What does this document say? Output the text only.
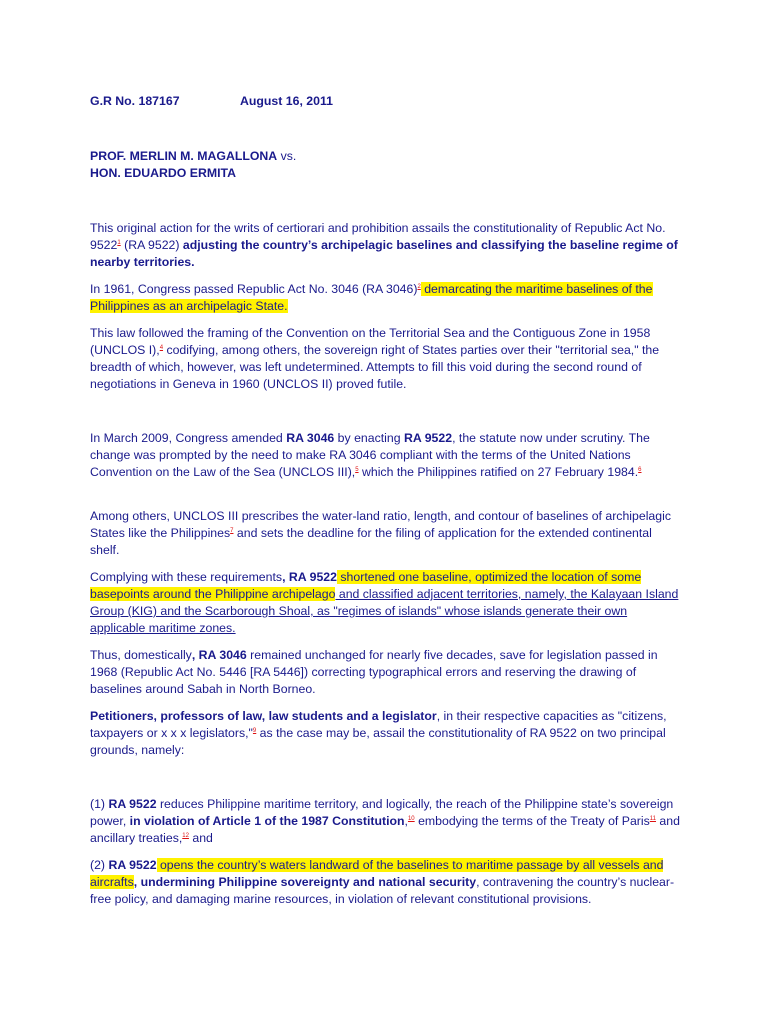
G.R No. 187167	August 16, 2011
PROF. MERLIN M. MAGALLONA vs.
HON. EDUARDO ERMITA

This original action for the writs of certiorari and prohibition assails the constitutionality of Republic Act No. 9522$^1$ (RA 9522) adjusting the country’s archipelagic baselines and classifying the baseline regime of nearby territories.

In 1961, Congress passed Republic Act No. 3046 (RA 3046)$^2$ demarcating the maritime baselines of the Philippines as an archipelagic State.

This law followed the framing of the Convention on the Territorial Sea and the Contiguous Zone in 1958 (UNCLOS I),$^4$ codifying, among others, the sovereign right of States parties over their "territorial sea," the breadth of which, however, was left undetermined. Attempts to fill this void during the second round of negotiations in Geneva in 1960 (UNCLOS II) proved futile.

In March 2009, Congress amended RA 3046 by enacting RA 9522, the statute now under scrutiny. The change was prompted by the need to make RA 3046 compliant with the terms of the United Nations Convention on the Law of the Sea (UNCLOS III),$^5$ which the Philippines ratified on 27 February 1984.$^6$

Among others, UNCLOS III prescribes the water-land ratio, length, and contour of baselines of archipelagic States like the Philippines$^7$ and sets the deadline for the filing of application for the extended continental shelf.

Complying with these requirements, RA 9522 shortened one baseline, optimized the location of some basepoints around the Philippine archipelago and classified adjacent territories, namely, the Kalayaan Island Group (KIG) and the Scarborough Shoal, as "regimes of islands" whose islands generate their own applicable maritime zones.

Thus, domestically, RA 3046 remained unchanged for nearly five decades, save for legislation passed in 1968 (Republic Act No. 5446 [RA 5446]) correcting typographical errors and reserving the drawing of baselines around Sabah in North Borneo.

Petitioners, professors of law, law students and a legislator, in their respective capacities as "citizens, taxpayers or x x x legislators,"$^9$ as the case may be, assail the constitutionality of RA 9522 on two principal grounds, namely:

(1) RA 9522 reduces Philippine maritime territory, and logically, the reach of the Philippine state’s sovereign power, in violation of Article 1 of the 1987 Constitution,$^{10}$ embodying the terms of the Treaty of Paris$^{11}$ and ancillary treaties,$^{12}$ and

(2) RA 9522 opens the country’s waters landward of the baselines to maritime passage by all vessels and aircrafts, undermining Philippine sovereignty and national security, contravening the country’s nuclear-free policy, and damaging marine resources, in violation of relevant constitutional provisions.
